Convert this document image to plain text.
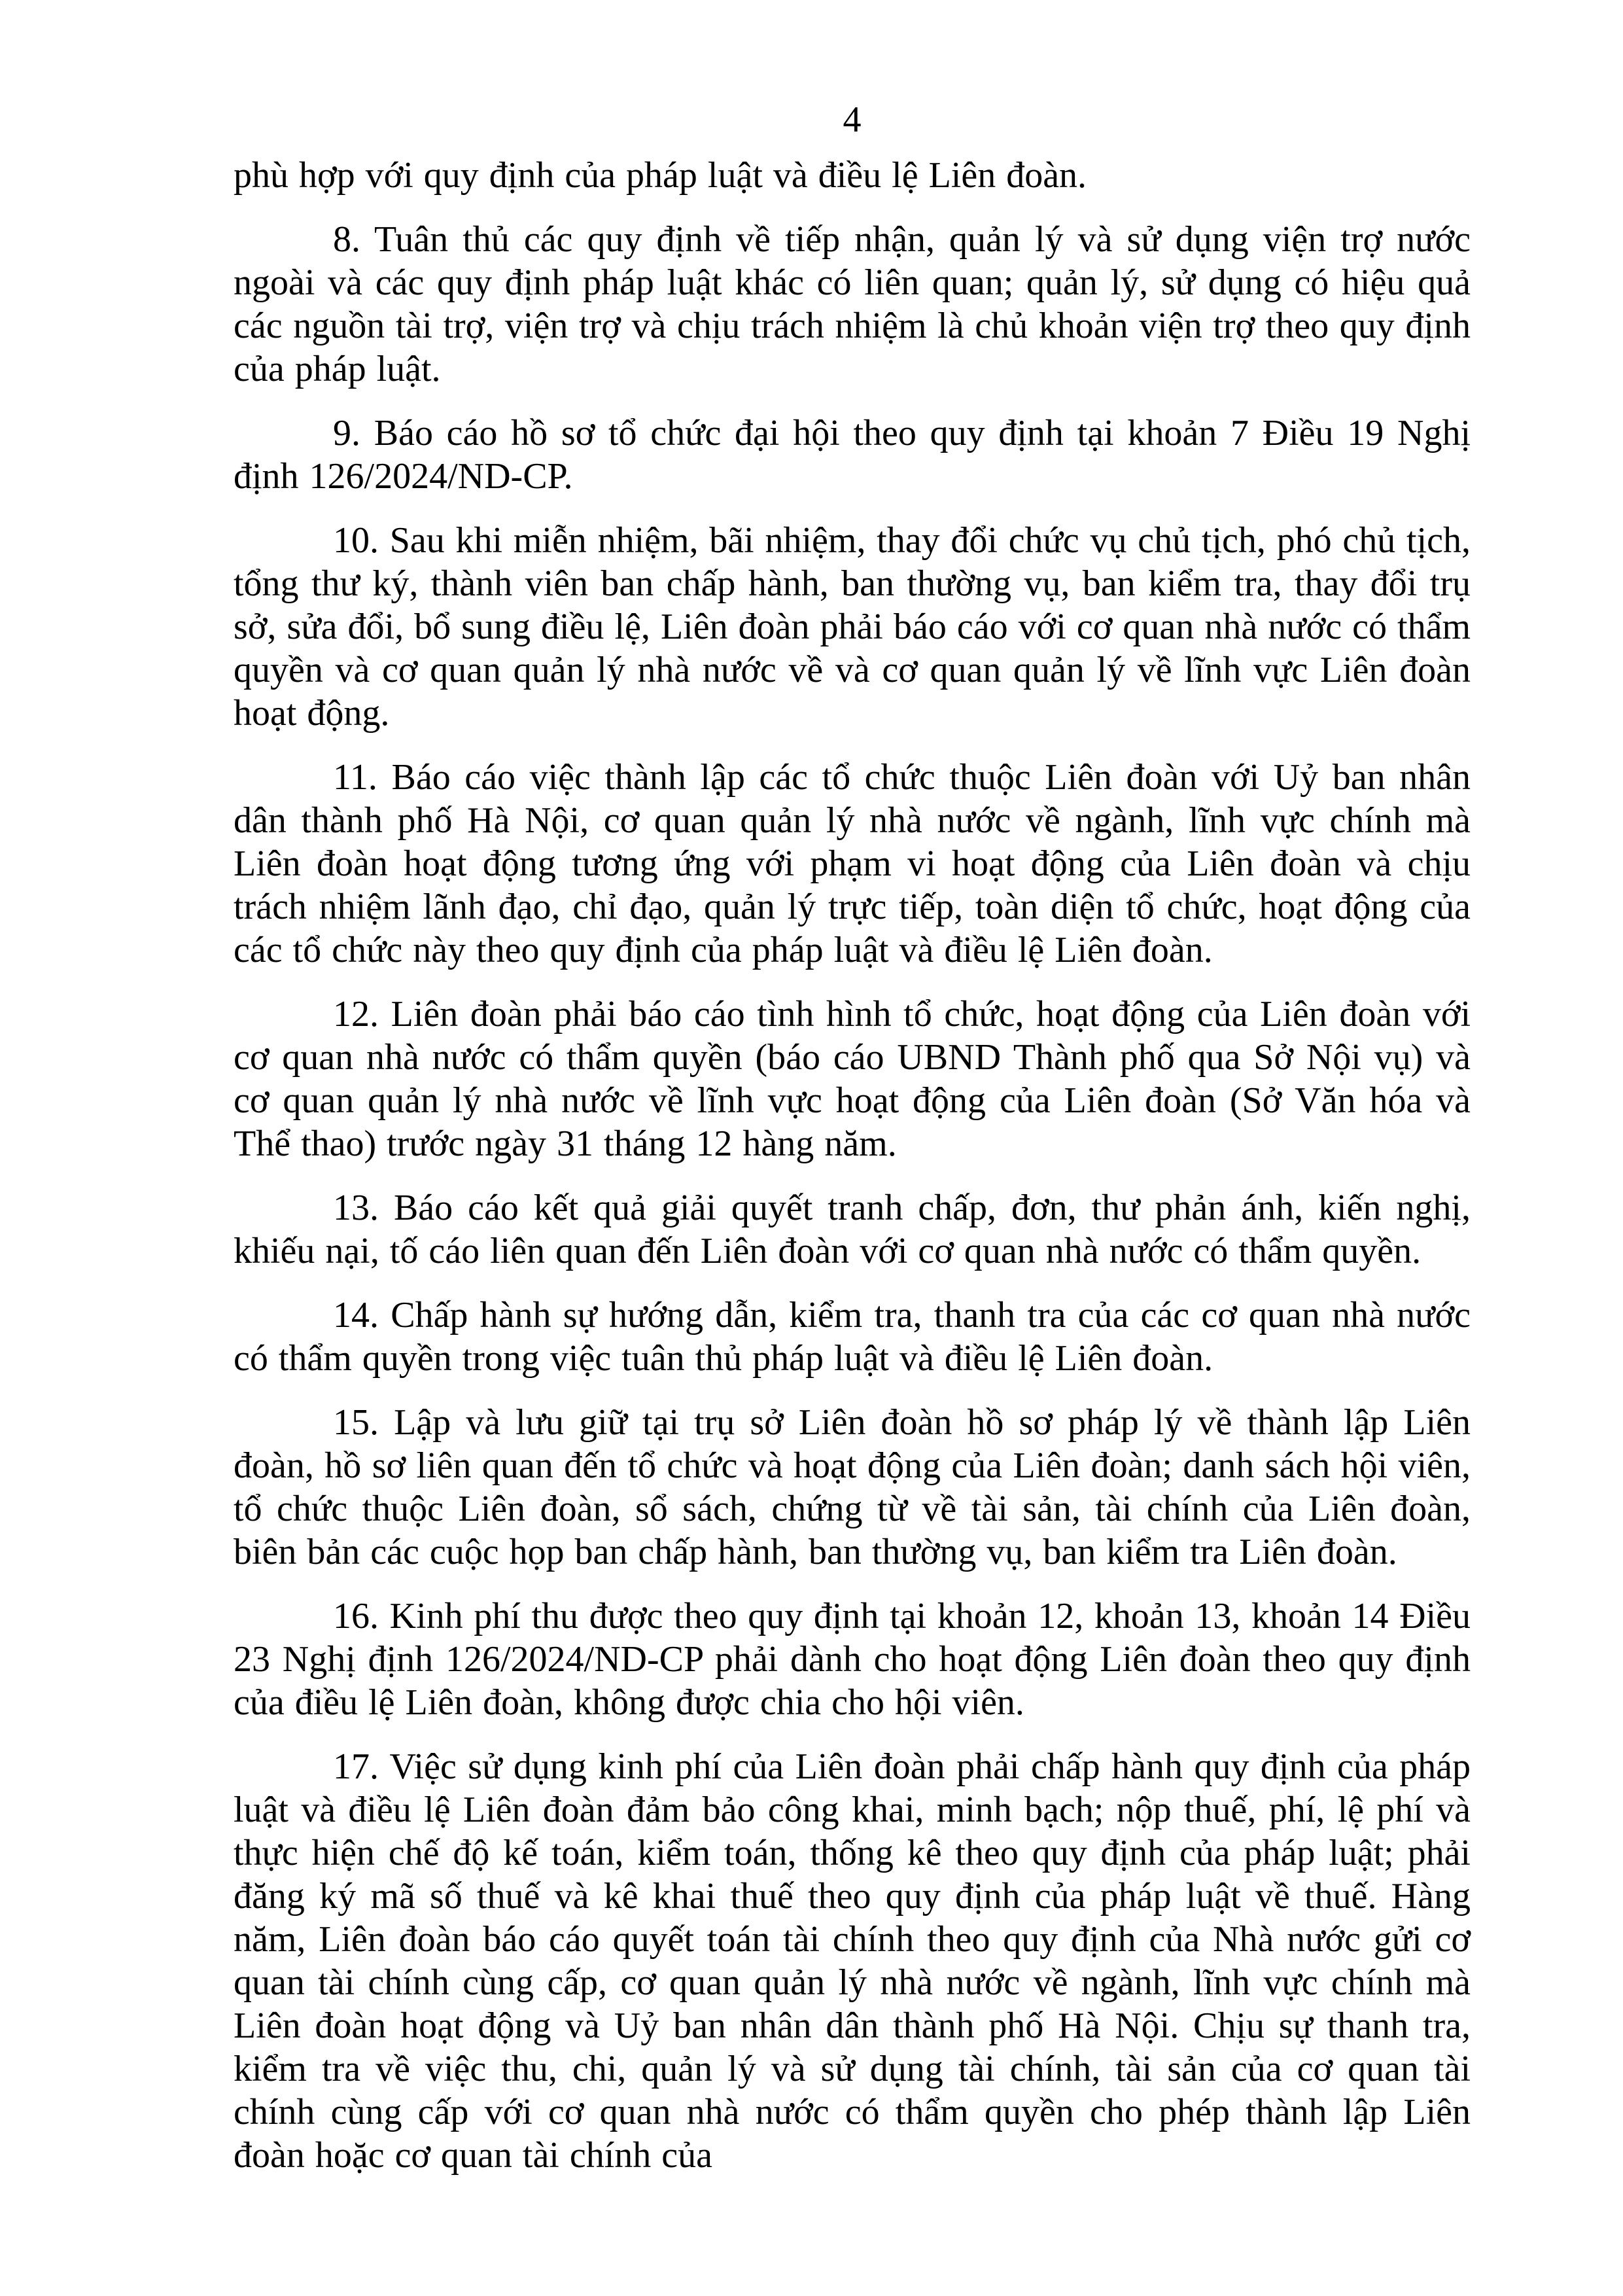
4

phù hợp với quy định của pháp luật và điều lệ Liên đoàn.

8. Tuân thủ các quy định về tiếp nhận, quản lý và sử dụng viện trợ nước ngoài và các quy định pháp luật khác có liên quan; quản lý, sử dụng có hiệu quả các nguồn tài trợ, viện trợ và chịu trách nhiệm là chủ khoản viện trợ theo quy định của pháp luật.

9. Báo cáo hồ sơ tổ chức đại hội theo quy định tại khoản 7 Điều 19 Nghị định 126/2024/ND-CP.

10. Sau khi miễn nhiệm, bãi nhiệm, thay đổi chức vụ chủ tịch, phó chủ tịch, tổng thư ký, thành viên ban chấp hành, ban thường vụ, ban kiểm tra, thay đổi trụ sở, sửa đổi, bổ sung điều lệ, Liên đoàn phải báo cáo với cơ quan nhà nước có thẩm quyền và cơ quan quản lý nhà nước về và cơ quan quản lý về lĩnh vực Liên đoàn hoạt động.

11. Báo cáo việc thành lập các tổ chức thuộc Liên đoàn với Uỷ ban nhân dân thành phố Hà Nội, cơ quan quản lý nhà nước về ngành, lĩnh vực chính mà Liên đoàn hoạt động tương ứng với phạm vi hoạt động của Liên đoàn và chịu trách nhiệm lãnh đạo, chỉ đạo, quản lý trực tiếp, toàn diện tổ chức, hoạt động của các tổ chức này theo quy định của pháp luật và điều lệ Liên đoàn.

12. Liên đoàn phải báo cáo tình hình tổ chức, hoạt động của Liên đoàn với cơ quan nhà nước có thẩm quyền (báo cáo UBND Thành phố qua Sở Nội vụ) và cơ quan quản lý nhà nước về lĩnh vực hoạt động của Liên đoàn (Sở Văn hóa và Thể thao) trước ngày 31 tháng 12 hàng năm.

13. Báo cáo kết quả giải quyết tranh chấp, đơn, thư phản ánh, kiến nghị, khiếu nại, tố cáo liên quan đến Liên đoàn với cơ quan nhà nước có thẩm quyền.

14. Chấp hành sự hướng dẫn, kiểm tra, thanh tra của các cơ quan nhà nước có thẩm quyền trong việc tuân thủ pháp luật và điều lệ Liên đoàn.

15. Lập và lưu giữ tại trụ sở Liên đoàn hồ sơ pháp lý về thành lập Liên đoàn, hồ sơ liên quan đến tổ chức và hoạt động của Liên đoàn; danh sách hội viên, tổ chức thuộc Liên đoàn, sổ sách, chứng từ về tài sản, tài chính của Liên đoàn, biên bản các cuộc họp ban chấp hành, ban thường vụ, ban kiểm tra Liên đoàn.

16. Kinh phí thu được theo quy định tại khoản 12, khoản 13, khoản 14 Điều 23 Nghị định 126/2024/ND-CP phải dành cho hoạt động Liên đoàn theo quy định của điều lệ Liên đoàn, không được chia cho hội viên.

17. Việc sử dụng kinh phí của Liên đoàn phải chấp hành quy định của pháp luật và điều lệ Liên đoàn đảm bảo công khai, minh bạch; nộp thuế, phí, lệ phí và thực hiện chế độ kế toán, kiểm toán, thống kê theo quy định của pháp luật; phải đăng ký mã số thuế và kê khai thuế theo quy định của pháp luật về thuế. Hàng năm, Liên đoàn báo cáo quyết toán tài chính theo quy định của Nhà nước gửi cơ quan tài chính cùng cấp, cơ quan quản lý nhà nước về ngành, lĩnh vực chính mà Liên đoàn hoạt động và Uỷ ban nhân dân thành phố Hà Nội. Chịu sự thanh tra, kiểm tra về việc thu, chi, quản lý và sử dụng tài chính, tài sản của cơ quan tài chính cùng cấp với cơ quan nhà nước có thẩm quyền cho phép thành lập Liên đoàn hoặc cơ quan tài chính của
